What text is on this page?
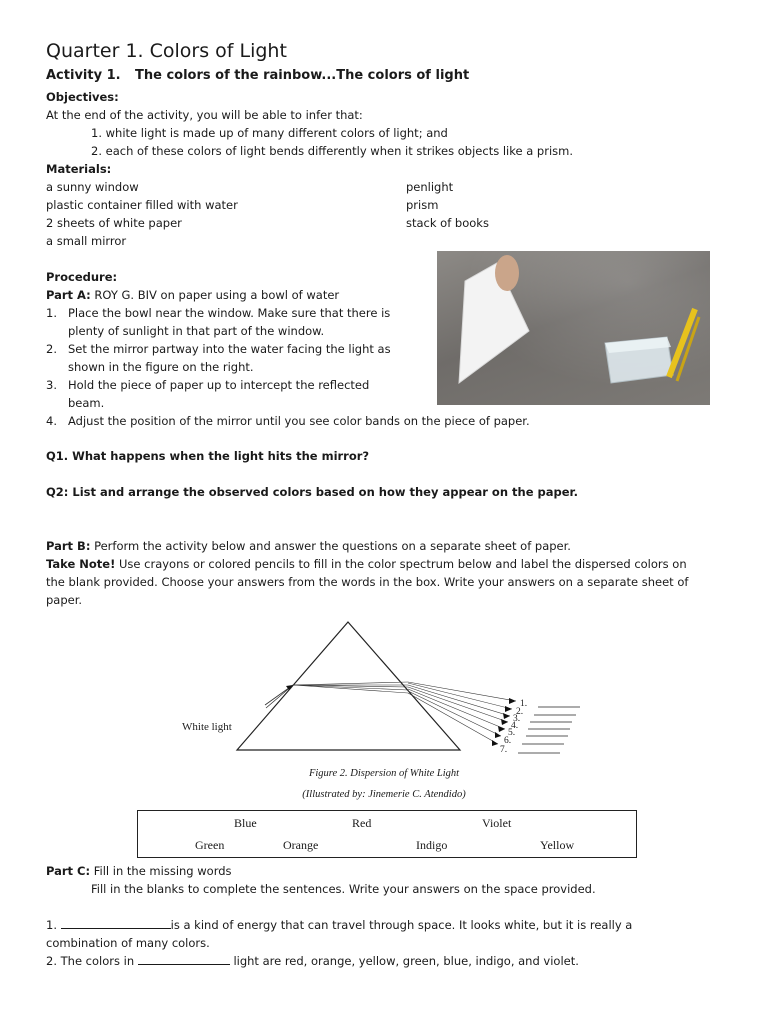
Quarter 1. Colors of Light
Activity 1. The colors of the rainbow...The colors of light
Objectives:
At the end of the activity, you will be able to infer that:
1. white light is made up of many different colors of light; and
2. each of these colors of light bends differently when it strikes objects like a prism.
Materials:
a sunny window
plastic container filled with water
2 sheets of white paper
a small mirror
penlight
prism
stack of books
Procedure:
Part A: ROY G. BIV on paper using a bowl of water
1. Place the bowl near the window. Make sure that there is
plenty of sunlight in that part of the window.
2. Set the mirror partway into the water facing the light as
shown in the figure on the right.
3. Hold the piece of paper up to intercept the reflected
beam.
4. Adjust the position of the mirror until you see color bands on the piece of paper.
Q1. What happens when the light hits the mirror?
Q2: List and arrange the observed colors based on how they appear on the paper.
Part B: Perform the activity below and answer the questions on a separate sheet of paper.
Take Note! Use crayons or colored pencils to fill in the color spectrum below and label the dispersed colors on
the blank provided. Choose your answers from the words in the box. Write your answers on a separate sheet of
paper.
White light
1.
2.
3.
4.
5.
6.
7.
Figure 2. Dispersion of White Light
(Illustrated by: Jinemerie C. Atendido)
Blue	Red	Violet
Green	Orange	Indigo	Yellow
Part C: Fill in the missing words
Fill in the blanks to complete the sentences. Write your answers on the space provided.
1.	is a kind of energy that can travel through space. It looks white, but it is really a
combination of many colors.
2. The colors in	light are red, orange, yellow, green, blue, indigo, and violet.
